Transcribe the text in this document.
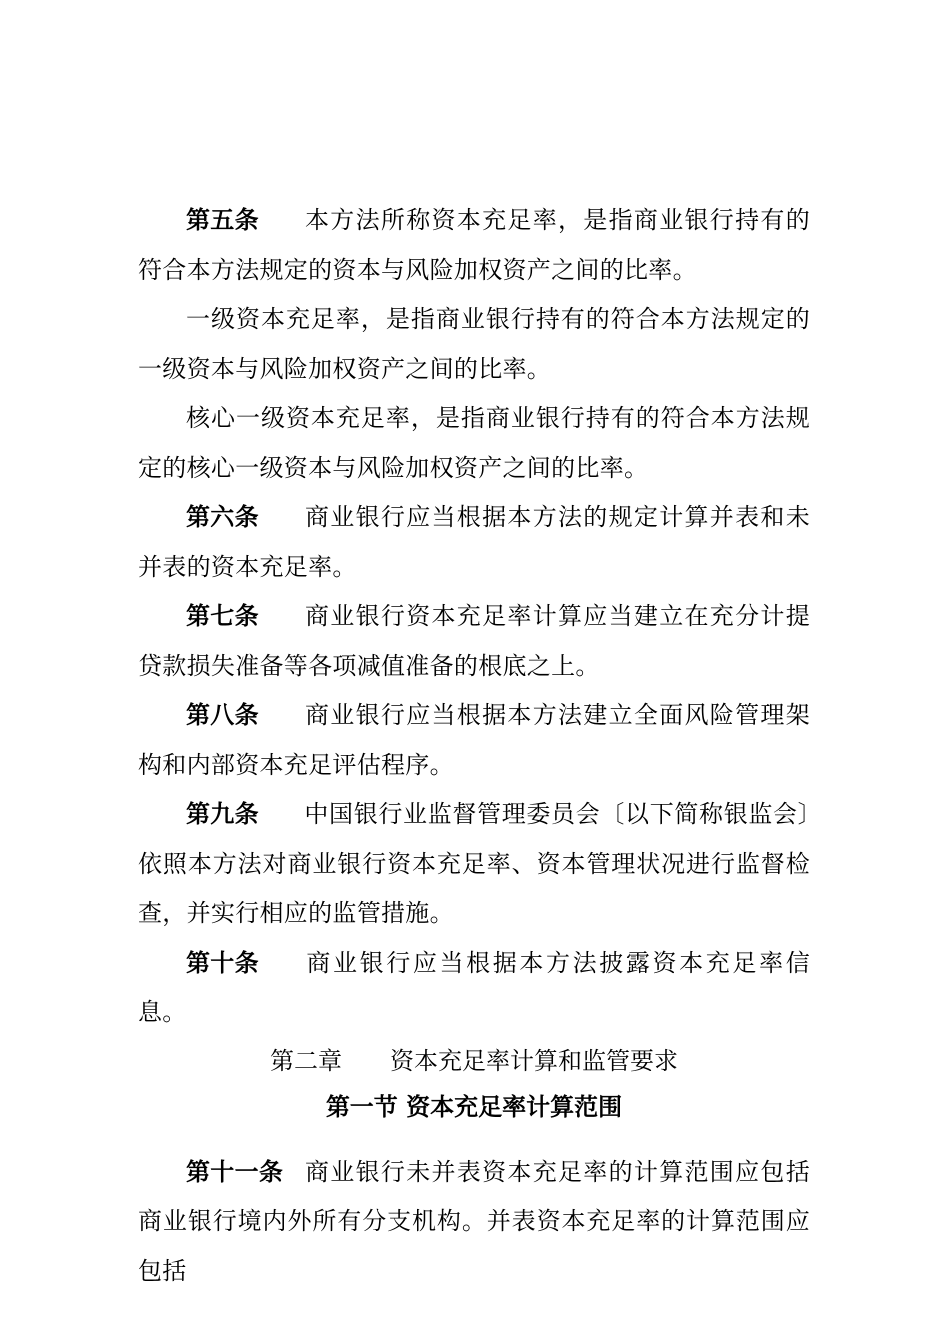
第五条 本方法所称资本充足率，是指商业银行持有的符合本方法规定的资本与风险加权资产之间的比率。

一级资本充足率，是指商业银行持有的符合本方法规定的一级资本与风险加权资产之间的比率。

核心一级资本充足率，是指商业银行持有的符合本方法规定的核心一级资本与风险加权资产之间的比率。

第六条 商业银行应当根据本方法的规定计算并表和未并表的资本充足率。

第七条 商业银行资本充足率计算应当建立在充分计提贷款损失准备等各项减值准备的根底之上。

第八条 商业银行应当根据本方法建立全面风险管理架构和内部资本充足评估程序。

第九条 中国银行业监督管理委员会〔以下简称银监会〕依照本方法对商业银行资本充足率、资本管理状况进行监督检查，并实行相应的监管措施。

第十条 商业银行应当根据本方法披露资本充足率信息。

第二章 资本充足率计算和监管要求

第一节 资本充足率计算范围

第十一条 商业银行未并表资本充足率的计算范围应包括商业银行境内外所有分支机构。并表资本充足率的计算范围应包括
